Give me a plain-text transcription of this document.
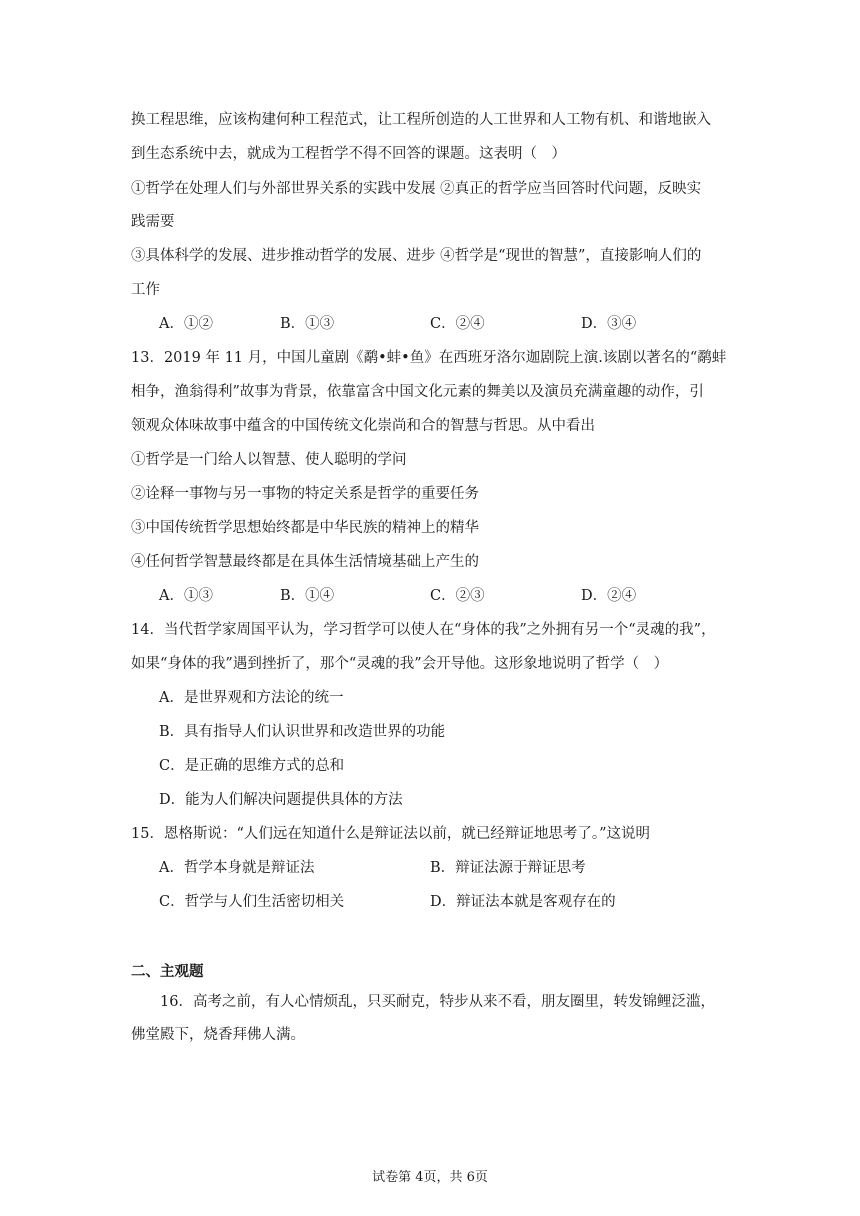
换工程思维，应该构建何种工程范式，让工程所创造的人工世界和人工物有机、和谐地嵌入
到生态系统中去，就成为工程哲学不得不回答的课题。这表明（　）
①哲学在处理人们与外部世界关系的实践中发展 ②真正的哲学应当回答时代问题，反映实
践需要
③具体科学的发展、进步推动哲学的发展、进步 ④哲学是“现世的智慧”，直接影响人们的
工作
A．①②	B．①③	C．②④	D．③④
13．2019 年 11 月，中国儿童剧《鹬•蚌•鱼》在西班牙洛尔迦剧院上演.该剧以著名的“鹬蚌
相争，渔翁得利”故事为背景，依靠富含中国文化元素的舞美以及演员充满童趣的动作，引
领观众体味故事中蕴含的中国传统文化崇尚和合的智慧与哲思。从中看出
①哲学是一门给人以智慧、使人聪明的学问
②诠释一事物与另一事物的特定关系是哲学的重要任务
③中国传统哲学思想始终都是中华民族的精神上的精华
④任何哲学智慧最终都是在具体生活情境基础上产生的
A．①③	B．①④	C．②③	D．②④
14．当代哲学家周国平认为，学习哲学可以使人在“身体的我”之外拥有另一个“灵魂的我”，
如果“身体的我”遇到挫折了，那个“灵魂的我”会开导他。这形象地说明了哲学（　）
A．是世界观和方法论的统一
B．具有指导人们认识世界和改造世界的功能
C．是正确的思维方式的总和
D．能为人们解决问题提供具体的方法
15．恩格斯说：“人们远在知道什么是辩证法以前，就已经辩证地思考了。”这说明
A．哲学本身就是辩证法	B．辩证法源于辩证思考
C．哲学与人们生活密切相关	D．辩证法本就是客观存在的
二、主观题
16．高考之前，有人心情烦乱，只买耐克，特步从来不看，朋友圈里，转发锦鲤泛滥，
佛堂殿下，烧香拜佛人满。
试卷第 4页，共 6页
